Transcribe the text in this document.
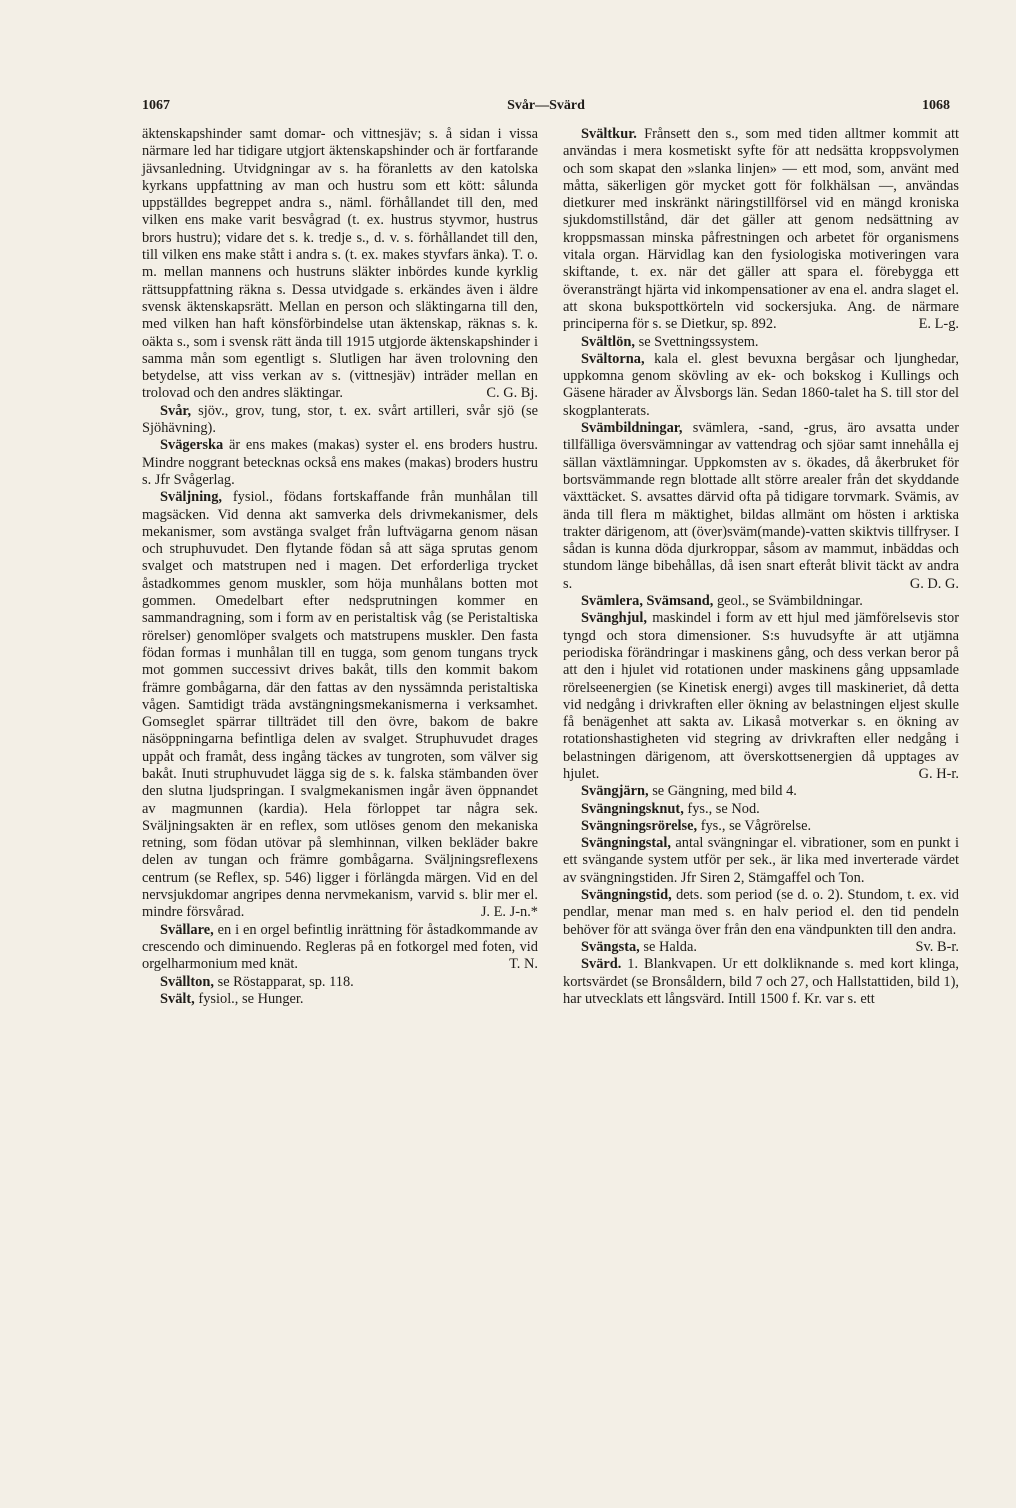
1067	Svår—Svärd	1068

äktenskapshinder samt domar- och vittnesjäv; s. å sidan i vissa närmare led har tidigare utgjort äktenskapshinder och är fortfarande jävsanledning. Utvidgningar av s. ha föranletts av den katolska kyrkans uppfattning av man och hustru som ett kött: sålunda uppställdes begreppet andra s., näml. förhållandet till den, med vilken ens make varit besvågrad (t. ex. hustrus styvmor, hustrus brors hustru); vidare det s. k. tredje s., d. v. s. förhållandet till den, till vilken ens make stått i andra s. (t. ex. makes styvfars änka). T. o. m. mellan mannens och hustruns släkter inbördes kunde kyrklig rättsuppfattning räkna s. Dessa utvidgade s. erkändes även i äldre svensk äktenskapsrätt. Mellan en person och släktingarna till den, med vilken han haft könsförbindelse utan äktenskap, räknas s. k. oäkta s., som i svensk rätt ända till 1915 utgjorde äktenskapshinder i samma mån som egentligt s. Slutligen har även trolovning den betydelse, att viss verkan av s. (vittnesjäv) inträder mellan en trolovad och den andres släktingar.	C. G. Bj.

Svår, sjöv., grov, tung, stor, t. ex. svårt artilleri, svår sjö (se Sjöhävning).

Svägerska är ens makes (makas) syster el. ens broders hustru. Mindre noggrant betecknas också ens makes (makas) broders hustru s. Jfr Svågerlag.

Sväljning, fysiol., födans fortskaffande från munhålan till magsäcken. Vid denna akt samverka dels drivmekanismer, dels mekanismer, som avstänga svalget från luftvägarna genom näsan och struphuvudet. Den flytande födan så att säga sprutas genom svalget och matstrupen ned i magen. Det erforderliga trycket åstadkommes genom muskler, som höja munhålans botten mot gommen. Omedelbart efter nedsprutningen kommer en sammandragning, som i form av en peristaltisk våg (se Peristaltiska rörelser) genomlöper svalgets och matstrupens muskler. Den fasta födan formas i munhålan till en tugga, som genom tungans tryck mot gommen successivt drives bakåt, tills den kommit bakom främre gombågarna, där den fattas av den nyssämnda peristaltiska vågen. Samtidigt träda avstängningsmekanismerna i verksamhet. Gomseglet spärrar tillträdet till den övre, bakom de bakre näsöppningarna befintliga delen av svalget. Struphuvudet drages uppåt och framåt, dess ingång täckes av tungroten, som välver sig bakåt. Inuti struphuvudet lägga sig de s. k. falska stämbanden över den slutna ljudspringan. I svalgmekanismen ingår även öppnandet av magmunnen (kardia). Hela förloppet tar några sek. Sväljningsakten är en reflex, som utlöses genom den mekaniska retning, som födan utövar på slemhinnan, vilken bekläder bakre delen av tungan och främre gombågarna. Sväljningsreflexens centrum (se Reflex, sp. 546) ligger i förlängda märgen. Vid en del nervsjukdomar angripes denna nervmekanism, varvid s. blir mer el. mindre försvårad.	J. E. J-n.*

Svällare, en i en orgel befintlig inrättning för åstadkommande av crescendo och diminuendo. Regleras på en fotkorgel med foten, vid orgelharmonium med knät.	T. N.

Svällton, se Röstapparat, sp. 118.

Svält, fysiol., se Hunger.

Svältkur. Frånsett den s., som med tiden alltmer kommit att användas i mera kosmetiskt syfte för att nedsätta kroppsvolymen och som skapat den »slanka linjen» — ett mod, som, använt med måtta, säkerligen gör mycket gott för folkhälsan —, användas dietkurer med inskränkt näringstillförsel vid en mängd kroniska sjukdomstillstånd, där det gäller att genom nedsättning av kroppsmassan minska påfrestningen och arbetet för organismens vitala organ. Härvidlag kan den fysiologiska motiveringen vara skiftande, t. ex. när det gäller att spara el. förebygga ett överansträngt hjärta vid inkompensationer av ena el. andra slaget el. att skona bukspottkörteln vid sockersjuka. Ang. de närmare principerna för s. se Dietkur, sp. 892.	E. L-g.

Svältlön, se Svettningssystem.

Svältorna, kala el. glest bevuxna bergåsar och ljunghedar, uppkomna genom skövling av ek- och bokskog i Kullings och Gäsene härader av Älvsborgs län. Sedan 1860-talet ha S. till stor del skogplanterats.

Svämbildningar, svämlera, -sand, -grus, äro avsatta under tillfälliga översvämningar av vattendrag och sjöar samt innehålla ej sällan växtlämningar. Uppkomsten av s. ökades, då åkerbruket för bortsvämmande regn blottade allt större arealer från det skyddande växttäcket. S. avsattes därvid ofta på tidigare torvmark. Svämis, av ända till flera m mäktighet, bildas allmänt om hösten i arktiska trakter därigenom, att (över)sväm(mande)-vatten skiktvis tillfryser. I sådan is kunna döda djurkroppar, såsom av mammut, inbäddas och stundom länge bibehållas, då isen snart efteråt blivit täckt av andra s.	G. D. G.

Svämlera, Svämsand, geol., se Svämbildningar.

Svänghjul, maskindel i form av ett hjul med jämförelsevis stor tyngd och stora dimensioner. S:s huvudsyfte är att utjämna periodiska förändringar i maskinens gång, och dess verkan beror på att den i hjulet vid rotationen under maskinens gång uppsamlade rörelseenergien (se Kinetisk energi) avges till maskineriet, då detta vid nedgång i drivkraften eller ökning av belastningen eljest skulle få benägenhet att sakta av. Likaså motverkar s. en ökning av rotationshastigheten vid stegring av drivkraften eller nedgång i belastningen därigenom, att överskottsenergien då upptages av hjulet.	G. H-r.

Svängjärn, se Gängning, med bild 4.

Svängningsknut, fys., se Nod.

Svängningsrörelse, fys., se Vågrörelse.

Svängningstal, antal svängningar el. vibrationer, som en punkt i ett svängande system utför per sek., är lika med inverterade värdet av svängningstiden. Jfr Siren 2, Stämgaffel och Ton.

Svängningstid, dets. som period (se d. o. 2). Stundom, t. ex. vid pendlar, menar man med s. en halv period el. den tid pendeln behöver för att svänga över från den ena vändpunkten till den andra.
Sv. B-r.

Svängsta, se Halda.

Svärd. 1. Blankvapen. Ur ett dolkliknande s. med kort klinga, kortsvärdet (se Bronsåldern, bild 7 och 27, och Hallstattiden, bild 1), har utvecklats ett långsvärd. Intill 1500 f. Kr. var s. ett
